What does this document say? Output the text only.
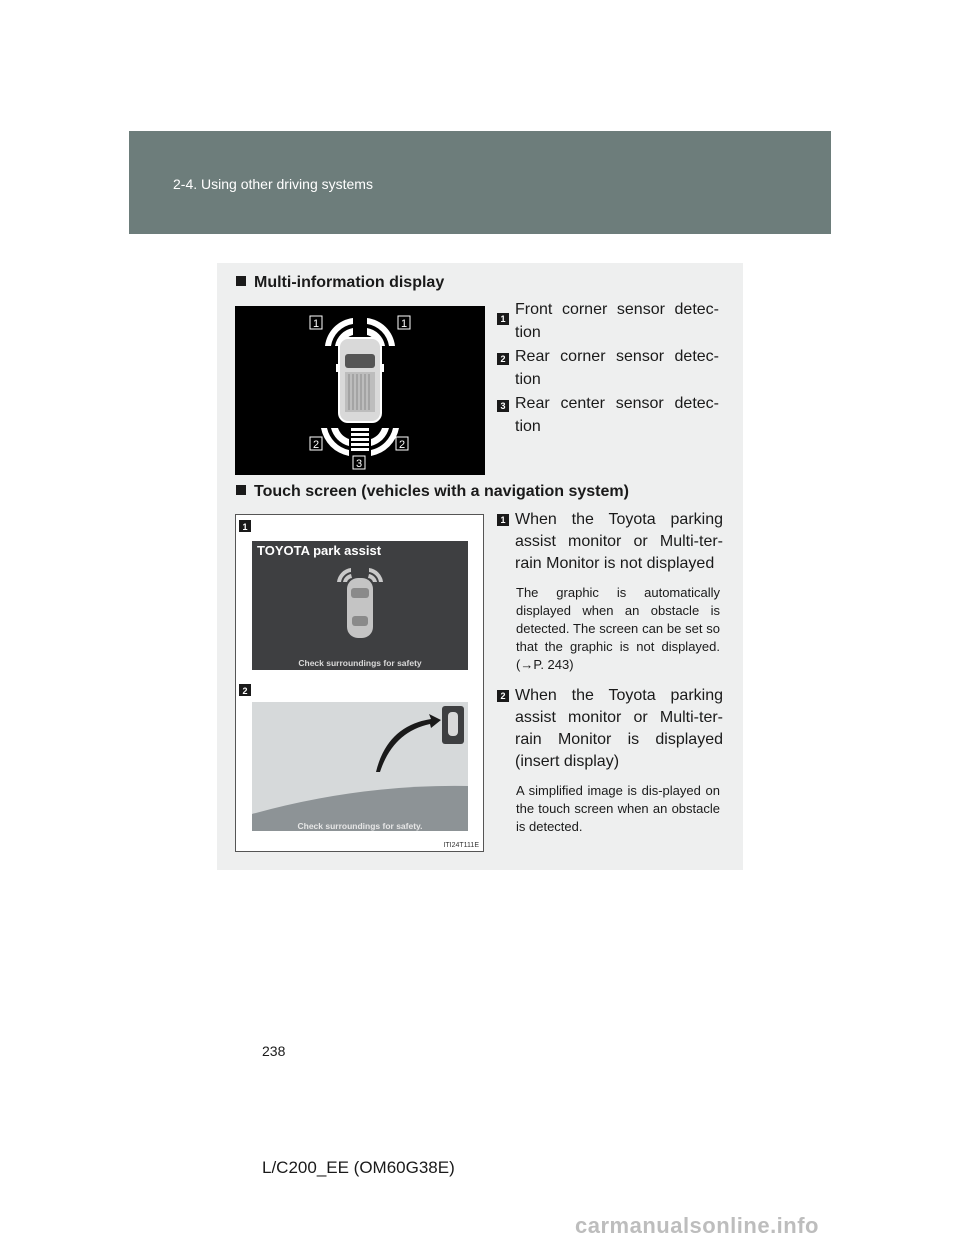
2-4. Using other driving systems
Multi-information display
1	1
2	2
3
1
Front corner sensor detec-tion
2 Rear corner sensor detec-tion
3 Rear center sensor detec-tion
Touch screen (vehicles with a navigation system)
1
TOYOTA park assist
Check surroundings for safety
2
Check surroundings for safety.
ITI24T111E
1 When the Toyota parking assist monitor or Multi-ter-rain Monitor is not displayed
The graphic is automatically displayed when an obstacle is detected. The screen can be set so that the graphic is not displayed. (→P. 243)
2 When the Toyota parking assist monitor or Multi-ter-rain Monitor is displayed (insert display)
A simplified image is dis-played on the touch screen when an obstacle is detected.
238
L/C200_EE (OM60G38E)
carmanualsonline.info
